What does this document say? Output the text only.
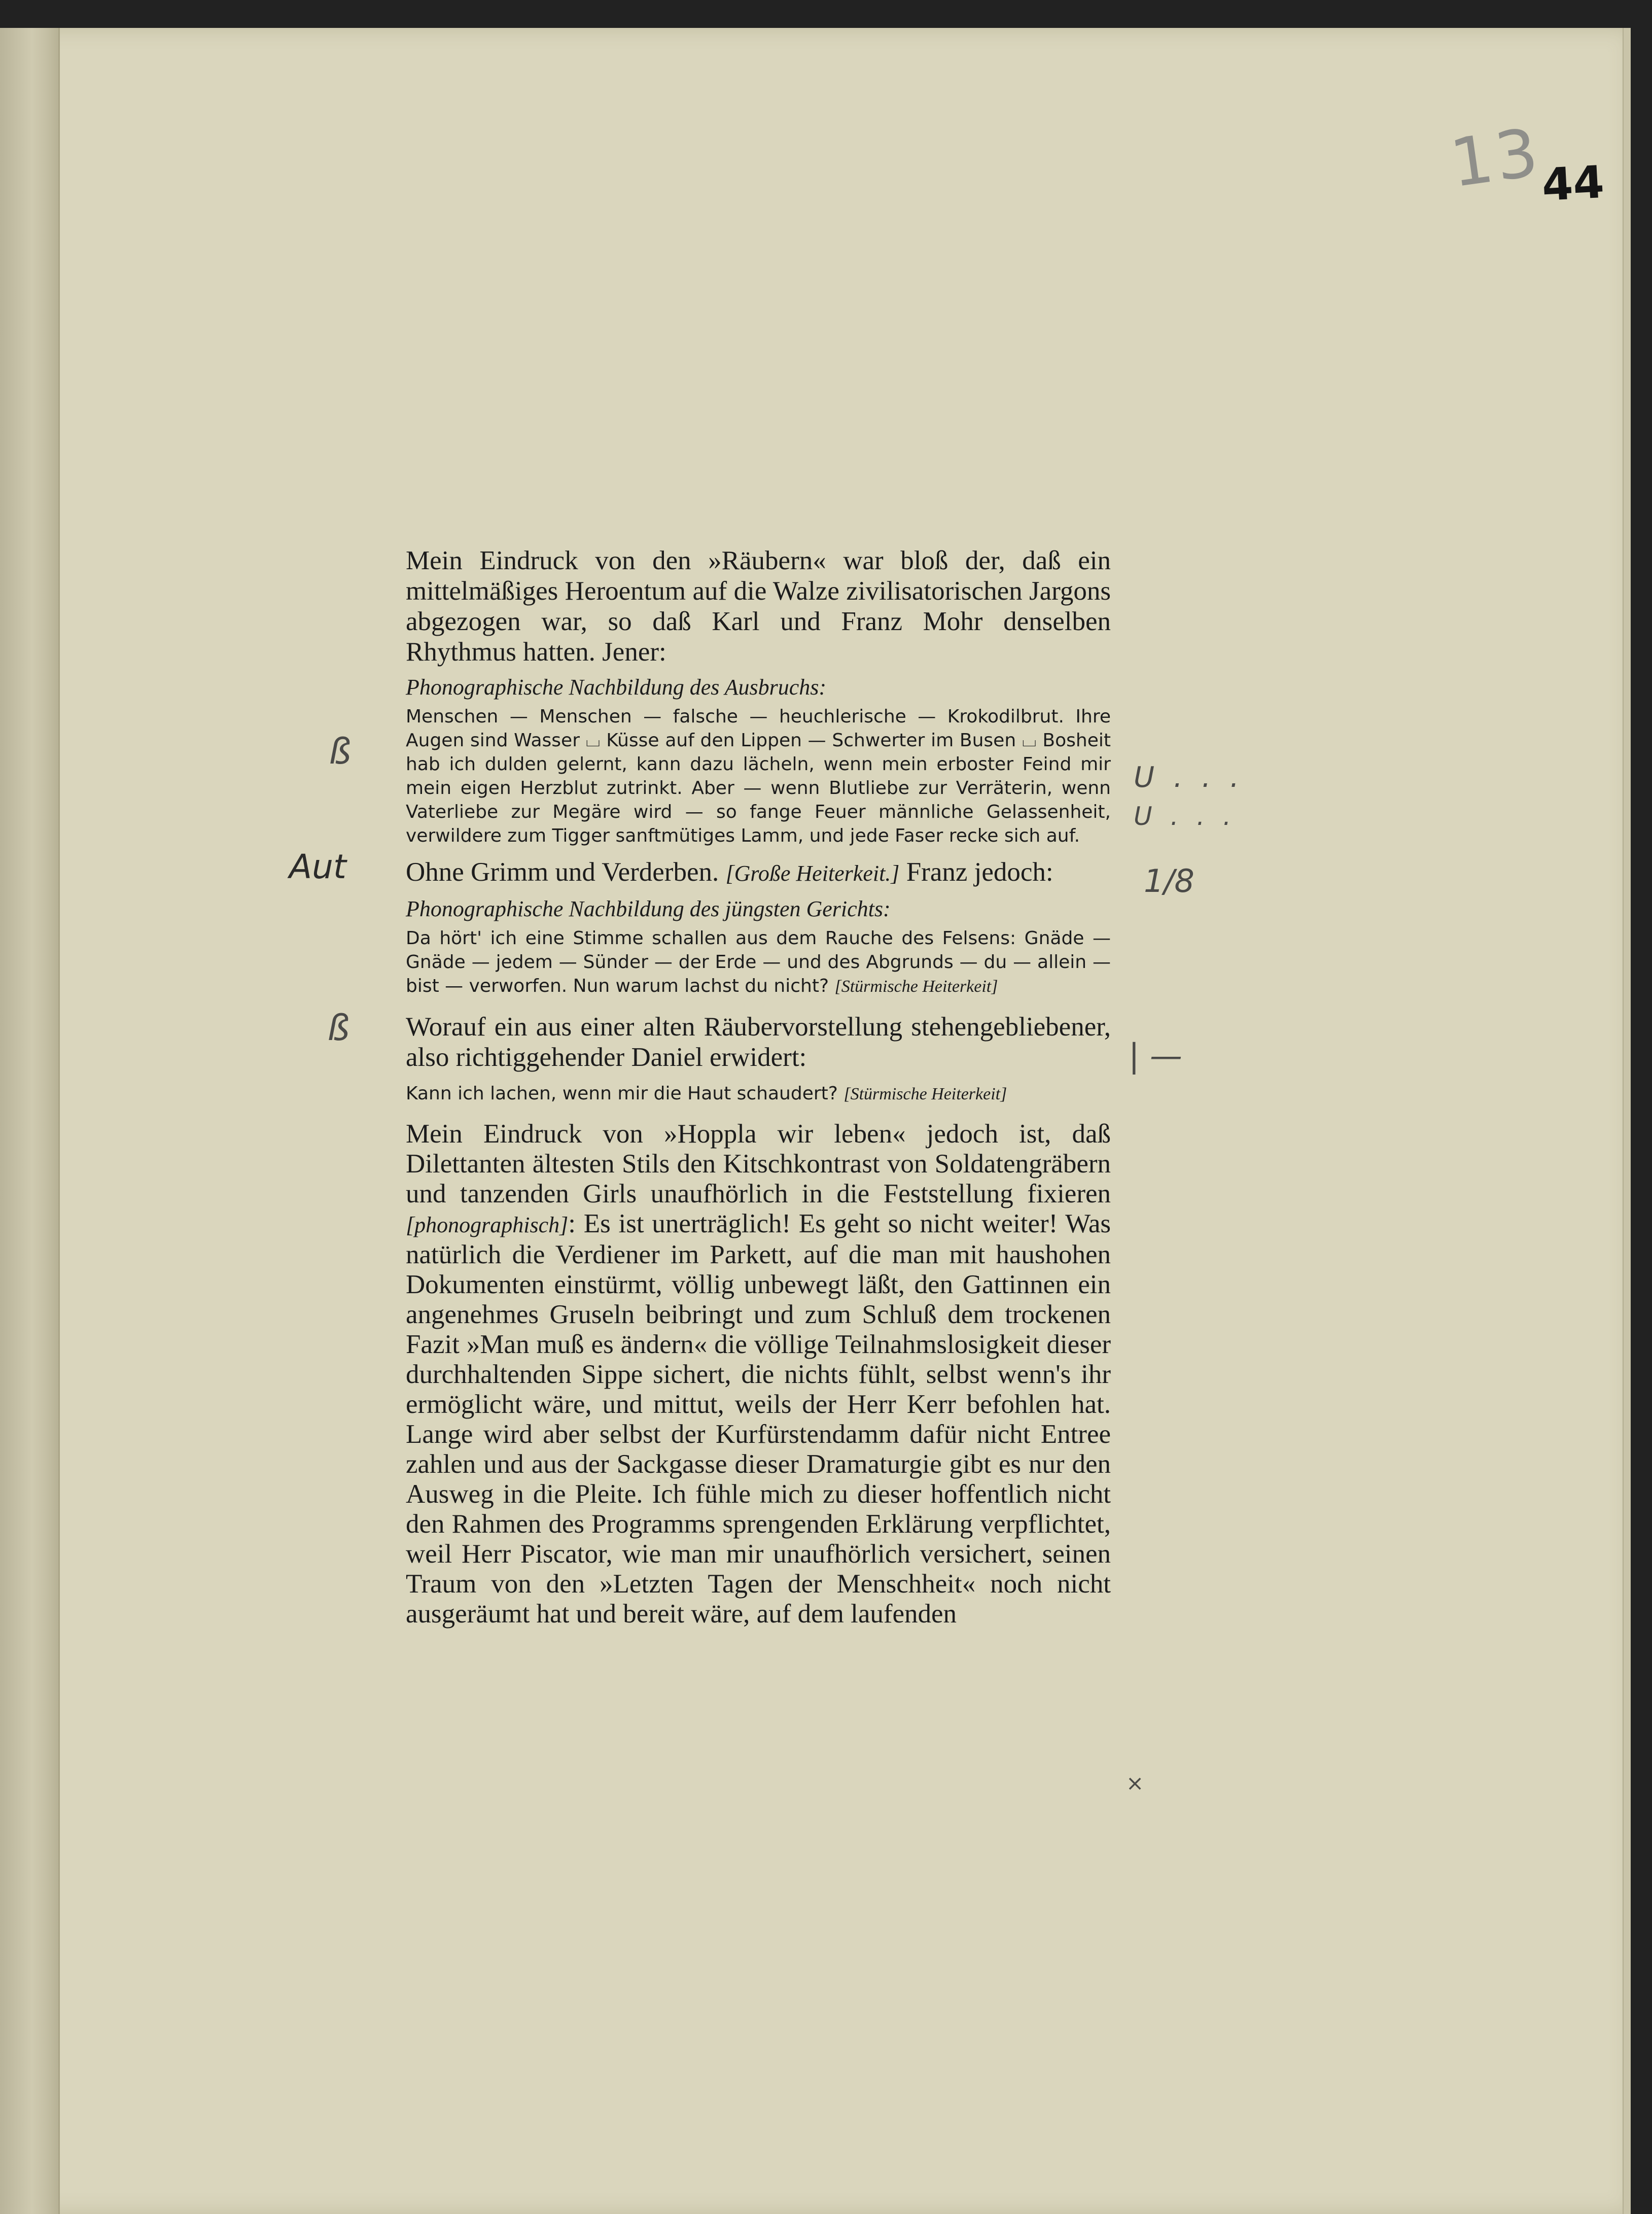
13
44
ß
Aut
ß
U . . .
U . . .
1/8
| —
×

Mein Eindruck von den »Räubern« war bloß der, daß ein mittelmäßiges Heroentum auf die Walze zivilisatorischen Jargons abgezogen war, so daß Karl und Franz Mohr denselben Rhythmus hatten. Jener:

Phonographische Nachbildung des Ausbruchs:

Menschen — Menschen — falsche — heuchlerische — Krokodilbrut. Ihre Augen sind Wasser ⌴ Küsse auf den Lippen — Schwerter im Busen ⌴ Bosheit hab ich dulden gelernt, kann dazu lächeln, wenn mein erboster Feind mir mein eigen Herzblut zutrinkt. Aber — wenn Blutliebe zur Verräterin, wenn Vaterliebe zur Megäre wird — so fange Feuer männliche Gelassenheit, verwildere zum Tigger sanftmütiges Lamm, und jede Faser recke sich auf.

Ohne Grimm und Verderben. [Große Heiterkeit.] Franz jedoch:

Phonographische Nachbildung des jüngsten Gerichts:

Da hört' ich eine Stimme schallen aus dem Rauche des Felsens: Gnäde — Gnäde — jedem — Sünder — der Erde — und des Abgrunds — du — allein — bist — verworfen. Nun warum lachst du nicht? [Stürmische Heiterkeit]

Worauf ein aus einer alten Räubervorstellung stehengebliebener, also richtiggehender Daniel erwidert:

Kann ich lachen, wenn mir die Haut schaudert? [Stürmische Heiterkeit]

Mein Eindruck von »Hoppla wir leben« jedoch ist, daß Dilettanten ältesten Stils den Kitschkontrast von Soldatengräbern und tanzenden Girls unaufhörlich in die Feststellung fixieren [phonographisch]: Es ist unerträglich! Es geht so nicht weiter! Was natürlich die Verdiener im Parkett, auf die man mit haushohen Dokumenten einstürmt, völlig unbewegt läßt, den Gattinnen ein angenehmes Gruseln beibringt und zum Schluß dem trockenen Fazit »Man muß es ändern« die völlige Teilnahmslosigkeit dieser durchhaltenden Sippe sichert, die nichts fühlt, selbst wenn's ihr ermöglicht wäre, und mittut, weils der Herr Kerr befohlen hat. Lange wird aber selbst der Kurfürstendamm dafür nicht Entree zahlen und aus der Sackgasse dieser Dramaturgie gibt es nur den Ausweg in die Pleite. Ich fühle mich zu dieser hoffentlich nicht den Rahmen des Programms sprengenden Erklärung verpflichtet, weil Herr Piscator, wie man mir unaufhörlich versichert, seinen Traum von den »Letzten Tagen der Menschheit« noch nicht ausgeräumt hat und bereit wäre, auf dem laufenden
